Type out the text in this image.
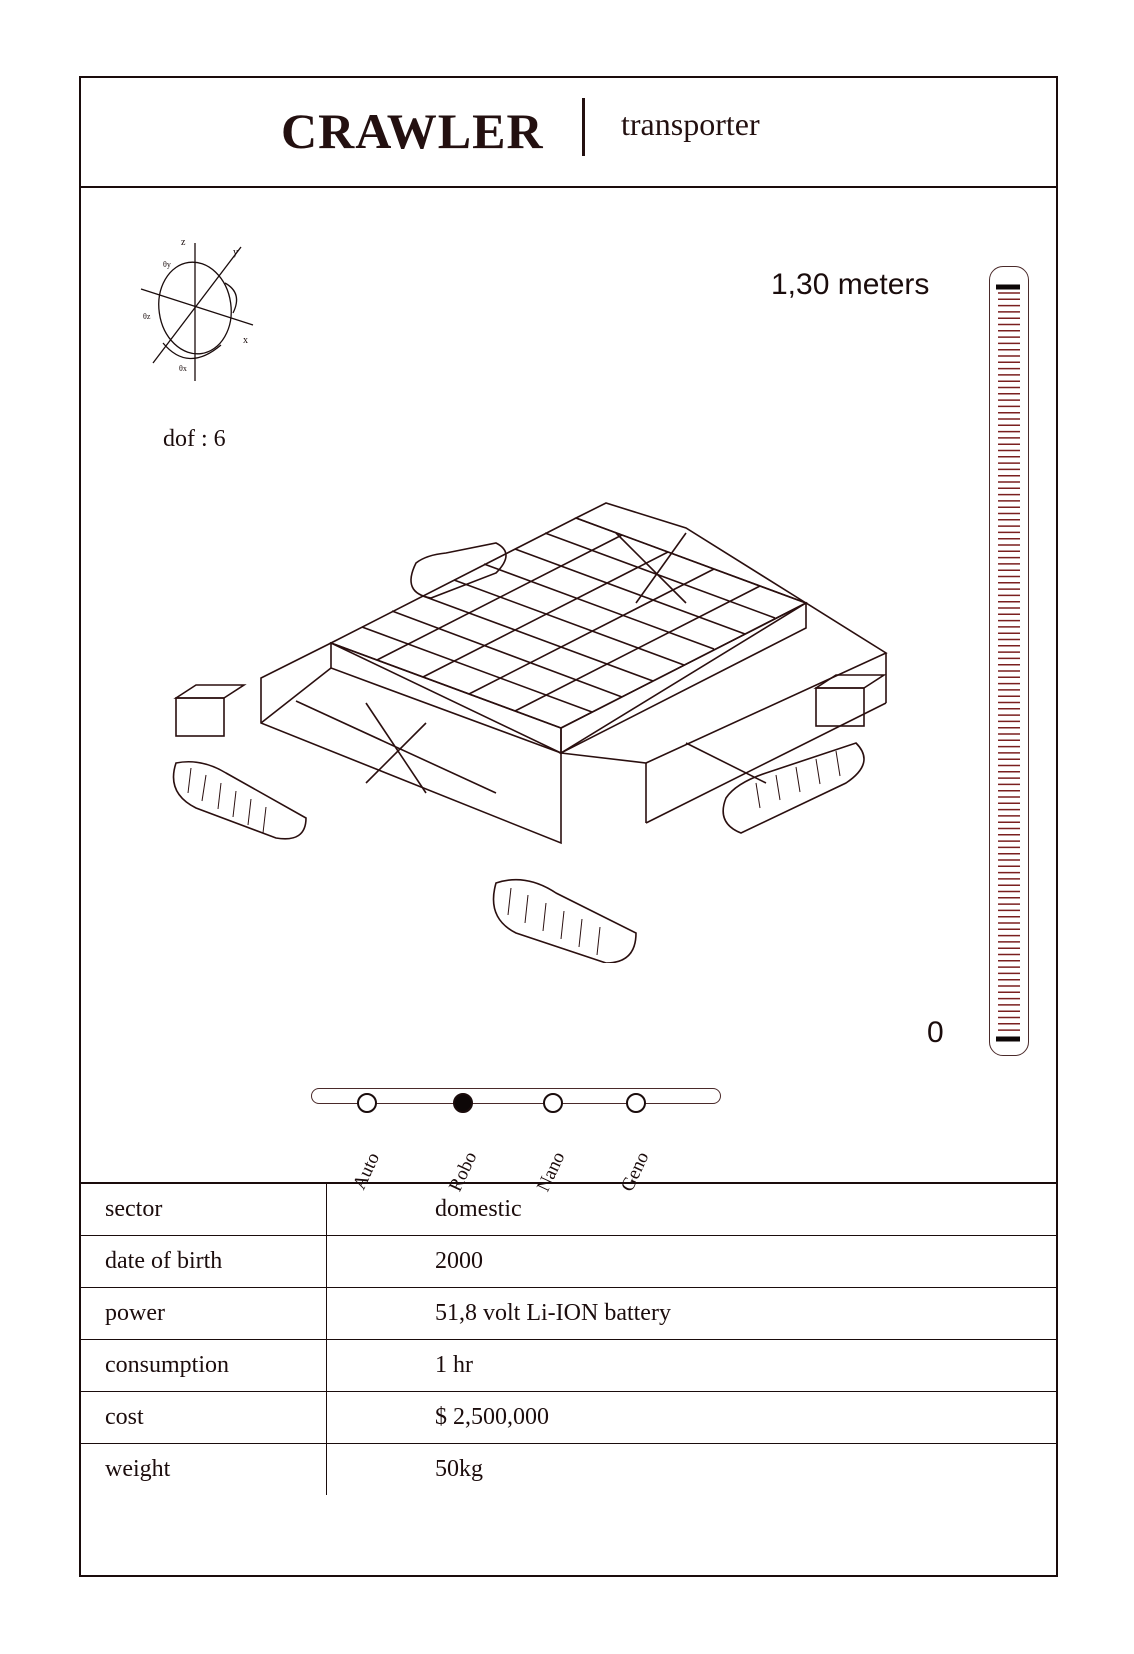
CRAWLER transporter
z
y
x
θy
θz
θx
dof : 6
1,30 meters
0
Auto	Robo	Nano	Geno
sector	domestic
date of birth	2000
power	51,8 volt Li-ION battery
consumption	1 hr
cost	$ 2,500,000
weight	50kg
